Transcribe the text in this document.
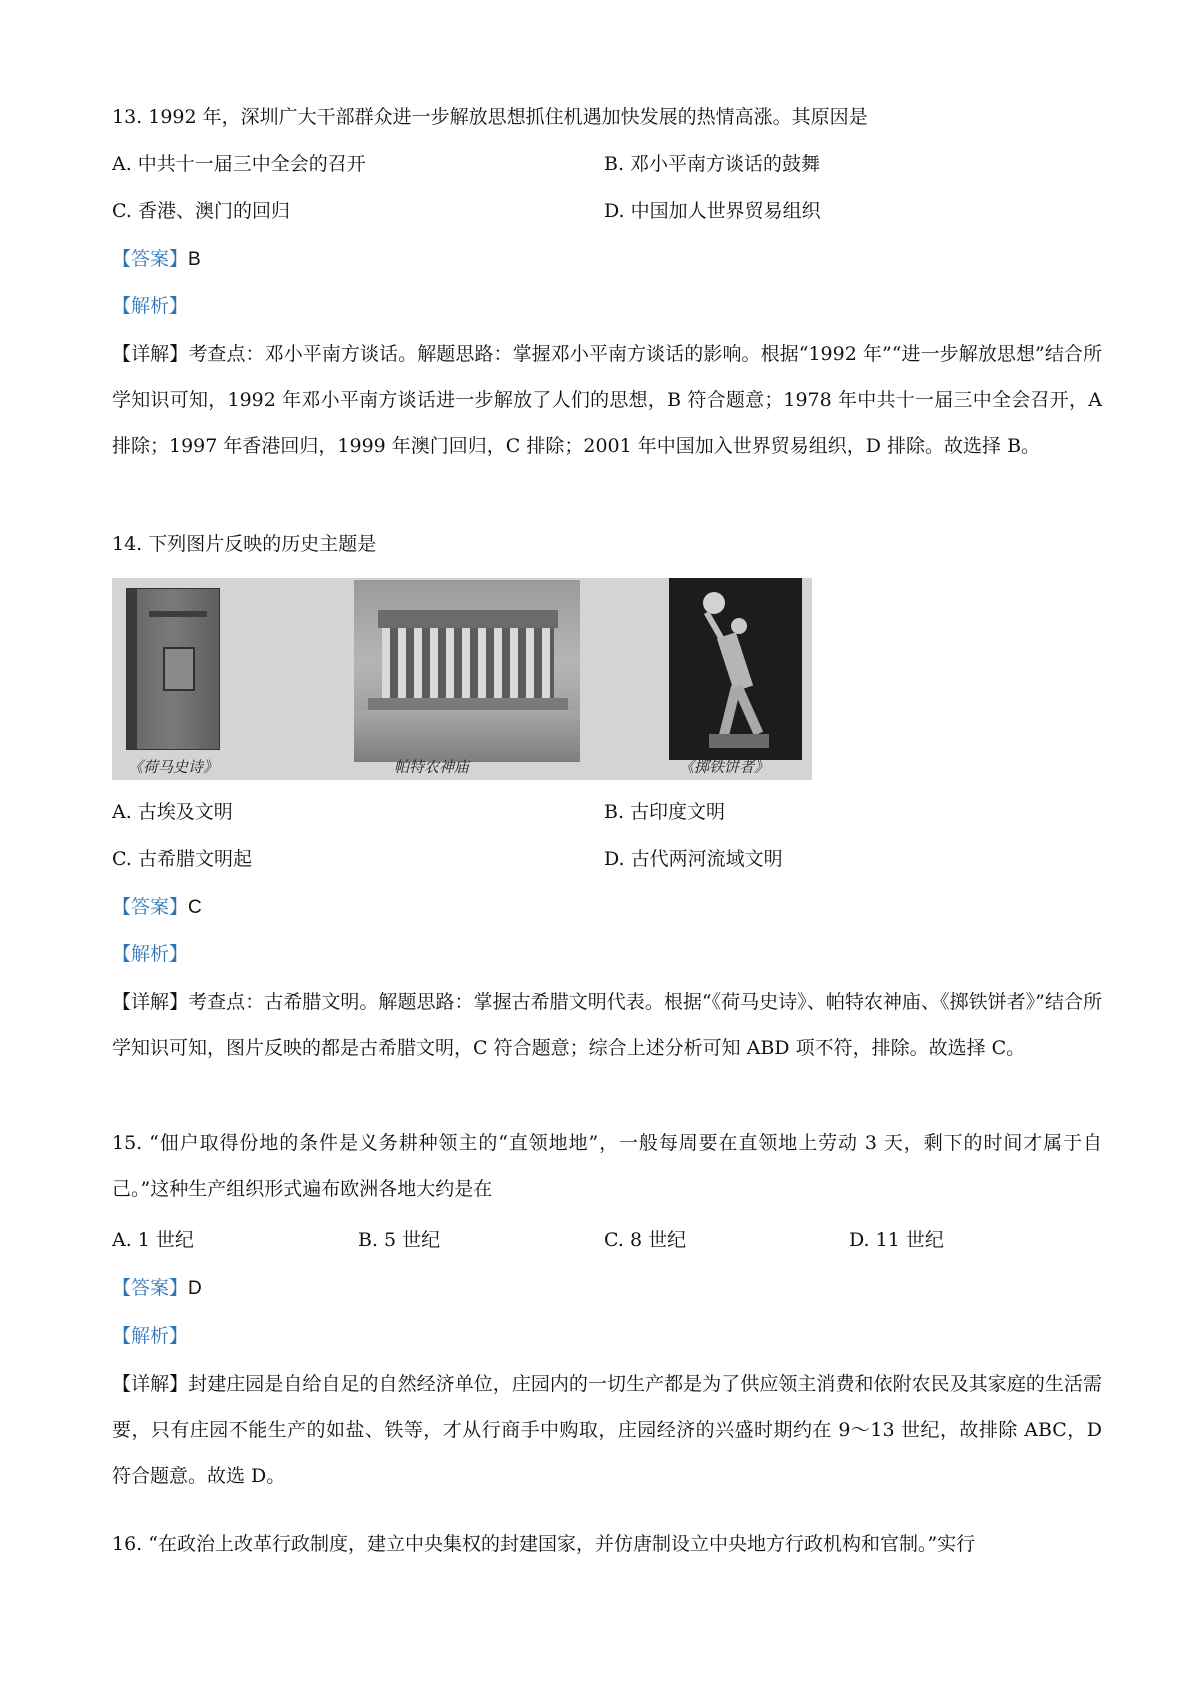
13. 1992 年，深圳广大干部群众进一步解放思想抓住机遇加快发展的热情高涨。其原因是
A. 中共十一届三中全会的召开	B. 邓小平南方谈话的鼓舞
C. 香港、澳门的回归	D. 中国加人世界贸易组织
【答案】B
【解析】
【详解】考查点：邓小平南方谈话。解题思路：掌握邓小平南方谈话的影响。根据“1992 年”“进一步解放思想”结合所学知识可知，1992 年邓小平南方谈话进一步解放了人们的思想，B 符合题意；1978 年中共十一届三中全会召开，A 排除；1997 年香港回归，1999 年澳门回归，C 排除；2001 年中国加入世界贸易组织，D 排除。故选择 B。
14. 下列图片反映的历史主题是
《荷马史诗》	帕特农神庙	《掷铁饼者》
A. 古埃及文明	B. 古印度文明
C. 古希腊文明起	D. 古代两河流域文明
【答案】C
【解析】
【详解】考查点：古希腊文明。解题思路：掌握古希腊文明代表。根据“《荷马史诗》、帕特农神庙、《掷铁饼者》”结合所学知识可知，图片反映的都是古希腊文明，C 符合题意；综合上述分析可知 ABD 项不符，排除。故选择 C。
15. “佃户取得份地的条件是义务耕种领主的“直领地地”，一般每周要在直领地上劳动 3 天，剩下的时间才属于自己。”这种生产组织形式遍布欧洲各地大约是在
A. 1 世纪	B. 5 世纪	C. 8 世纪	D. 11 世纪
【答案】D
【解析】
【详解】封建庄园是自给自足的自然经济单位，庄园内的一切生产都是为了供应领主消费和依附农民及其家庭的生活需要，只有庄园不能生产的如盐、铁等，才从行商手中购取，庄园经济的兴盛时期约在 9～13 世纪，故排除 ABC，D 符合题意。故选 D。
16. “在政治上改革行政制度，建立中央集权的封建国家，并仿唐制设立中央地方行政机构和官制。”实行
